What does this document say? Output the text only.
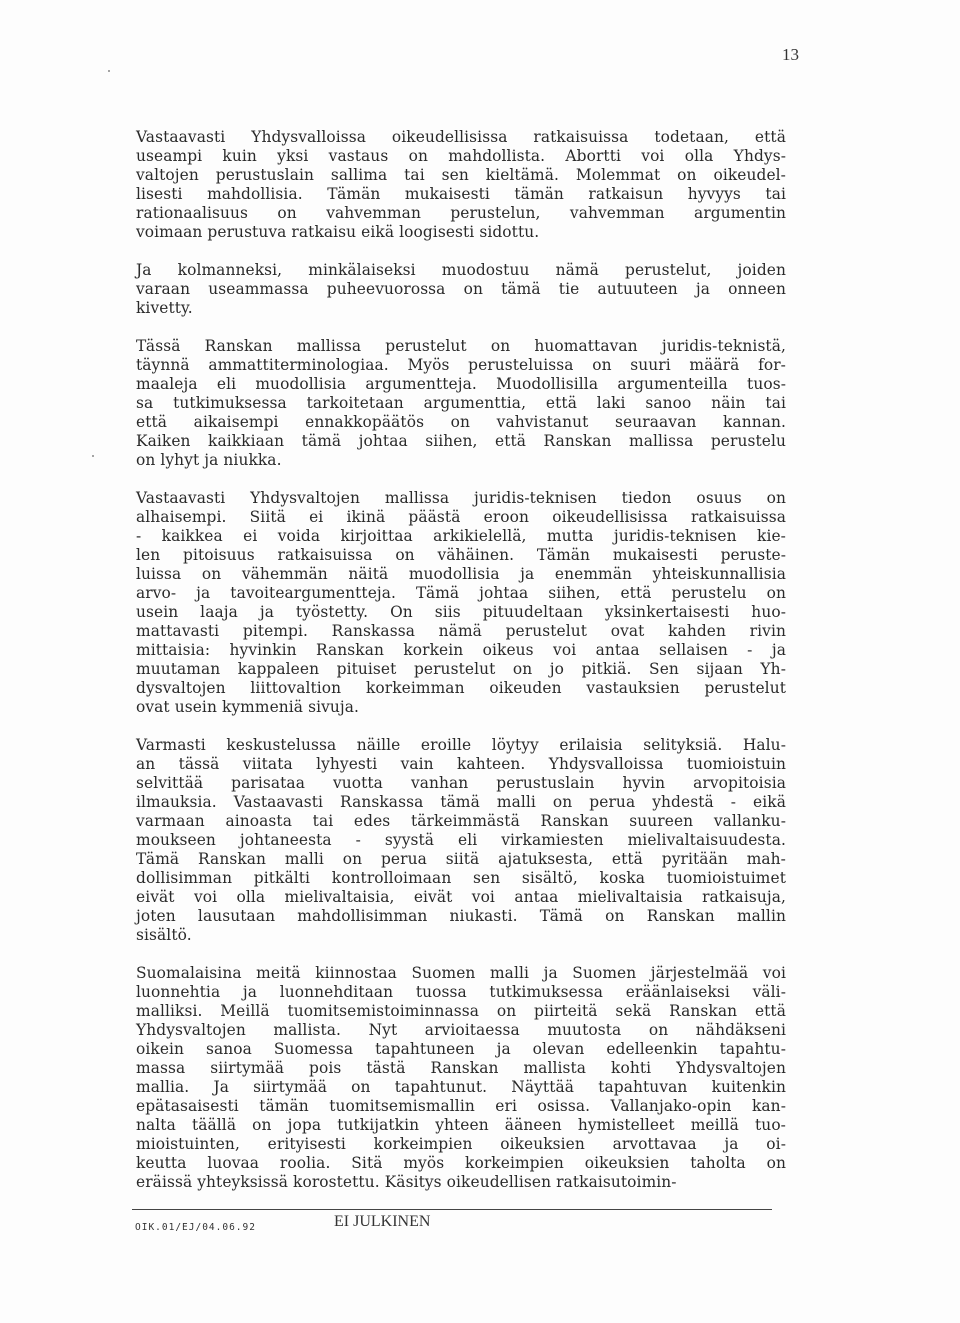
13
Vastaavasti Yhdysvalloissa oikeudellisissa ratkaisuissa todetaan, että
useampi kuin yksi vastaus on mahdollista. Abortti voi olla Yhdys-
valtojen perustuslain sallima tai sen kieltämä. Molemmat on oikeudel-
lisesti mahdollisia. Tämän mukaisesti tämän ratkaisun hyvyys tai
rationaalisuus on vahvemman perustelun, vahvemman argumentin
voimaan perustuva ratkaisu eikä loogisesti sidottu.
Ja kolmanneksi, minkälaiseksi muodostuu nämä perustelut, joiden
varaan useammassa puheevuorossa on tämä tie autuuteen ja onneen
kivetty.
Tässä Ranskan mallissa perustelut on huomattavan juridis-teknistä,
täynnä ammattiterminologiaa. Myös perusteluissa on suuri määrä for-
maaleja eli muodollisia argumentteja. Muodollisilla argumenteilla tuos-
sa tutkimuksessa tarkoitetaan argumenttia, että laki sanoo näin tai
että aikaisempi ennakkopäätös on vahvistanut seuraavan kannan.
Kaiken kaikkiaan tämä johtaa siihen, että Ranskan mallissa perustelu
on lyhyt ja niukka.
Vastaavasti Yhdysvaltojen mallissa juridis-teknisen tiedon osuus on
alhaisempi. Siitä ei ikinä päästä eroon oikeudellisissa ratkaisuissa
- kaikkea ei voida kirjoittaa arkikielellä, mutta juridis-teknisen kie-
len pitoisuus ratkaisuissa on vähäinen. Tämän mukaisesti peruste-
luissa on vähemmän näitä muodollisia ja enemmän yhteiskunnallisia
arvo- ja tavoiteargumentteja. Tämä johtaa siihen, että perustelu on
usein laaja ja työstetty. On siis pituudeltaan yksinkertaisesti huo-
mattavasti pitempi. Ranskassa nämä perustelut ovat kahden rivin
mittaisia: hyvinkin Ranskan korkein oikeus voi antaa sellaisen - ja
muutaman kappaleen pituiset perustelut on jo pitkiä. Sen sijaan Yh-
dysvaltojen liittovaltion korkeimman oikeuden vastauksien perustelut
ovat usein kymmeniä sivuja.
Varmasti keskustelussa näille eroille löytyy erilaisia selityksiä. Halu-
an tässä viitata lyhyesti vain kahteen. Yhdysvalloissa tuomioistuin
selvittää parisataa vuotta vanhan perustuslain hyvin arvopitoisia
ilmauksia. Vastaavasti Ranskassa tämä malli on perua yhdestä - eikä
varmaan ainoasta tai edes tärkeimmästä Ranskan suureen vallanku-
moukseen johtaneesta - syystä eli virkamiesten mielivaltaisuudesta.
Tämä Ranskan malli on perua siitä ajatuksesta, että pyritään mah-
dollisimman pitkälti kontrolloimaan sen sisältö, koska tuomioistuimet
eivät voi olla mielivaltaisia, eivät voi antaa mielivaltaisia ratkaisuja,
joten lausutaan mahdollisimman niukasti. Tämä on Ranskan mallin
sisältö.
Suomalaisina meitä kiinnostaa Suomen malli ja Suomen järjestelmää voi
luonnehtia ja luonnehditaan tuossa tutkimuksessa eräänlaiseksi väli-
malliksi. Meillä tuomitsemistoiminnassa on piirteitä sekä Ranskan että
Yhdysvaltojen mallista. Nyt arvioitaessa muutosta on nähdäkseni
oikein sanoa Suomessa tapahtuneen ja olevan edelleenkin tapahtu-
massa siirtymää pois tästä Ranskan mallista kohti Yhdysvaltojen
mallia. Ja siirtymää on tapahtunut. Näyttää tapahtuvan kuitenkin
epätasaisesti tämän tuomitsemismallin eri osissa. Vallanjako-opin kan-
nalta täällä on jopa tutkijatkin yhteen ääneen hymistelleet meillä tuo-
mioistuinten, erityisesti korkeimpien oikeuksien arvottavaa ja oi-
keutta luovaa roolia. Sitä myös korkeimpien oikeuksien taholta on
eräissä yhteyksissä korostettu. Käsitys oikeudellisen ratkaisutoimin-
OIK.01/EJ/04.06.92	EI JULKINEN
